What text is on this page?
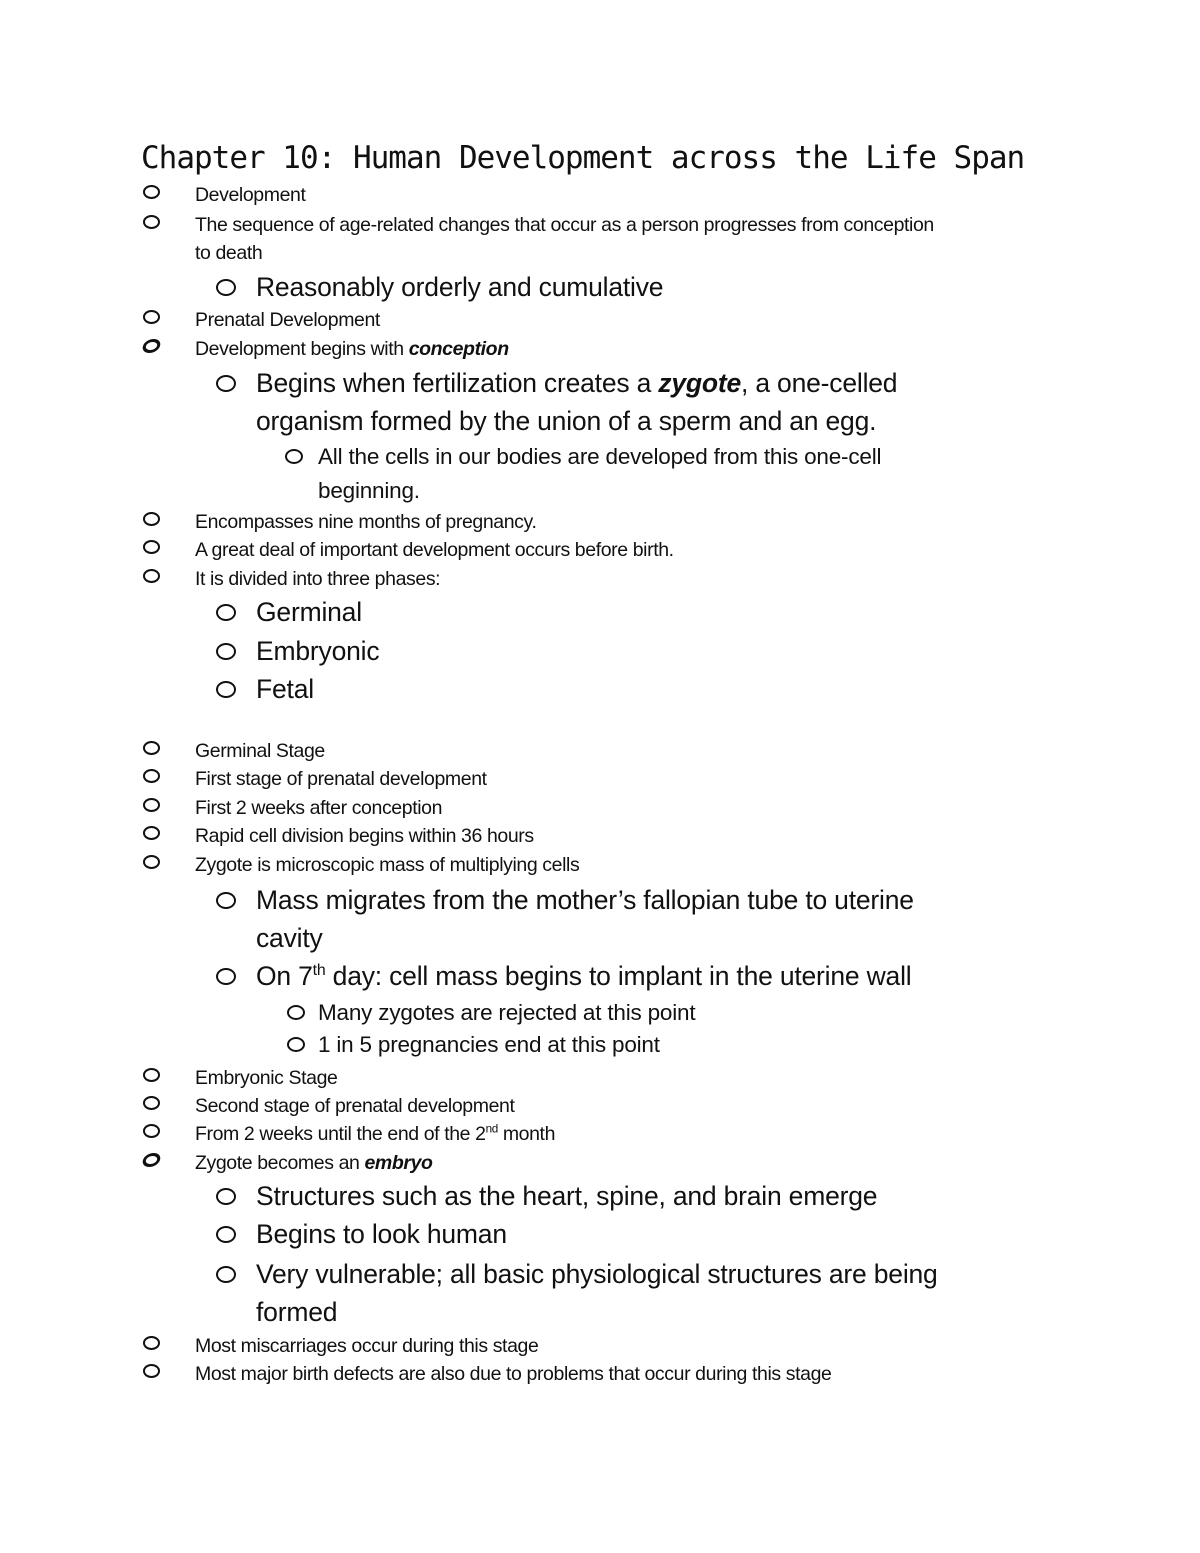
Chapter 10: Human Development across the Life Span
Development
The sequence of age-related changes that occur as a person progresses from conception
to death
Reasonably orderly and cumulative
Prenatal Development
Development begins with conception
Begins when fertilization creates a zygote, a one-celled
organism formed by the union of a sperm and an egg.
All the cells in our bodies are developed from this one-cell
beginning.
Encompasses nine months of pregnancy.
A great deal of important development occurs before birth.
It is divided into three phases:
Germinal
Embryonic
Fetal
Germinal Stage
First stage of prenatal development
First 2 weeks after conception
Rapid cell division begins within 36 hours
Zygote is microscopic mass of multiplying cells
Mass migrates from the mother’s fallopian tube to uterine
cavity
On 7th day: cell mass begins to implant in the uterine wall
Many zygotes are rejected at this point
1 in 5 pregnancies end at this point
Embryonic Stage
Second stage of prenatal development
From 2 weeks until the end of the 2nd month
Zygote becomes an embryo
Structures such as the heart, spine, and brain emerge
Begins to look human
Very vulnerable; all basic physiological structures are being
formed
Most miscarriages occur during this stage
Most major birth defects are also due to problems that occur during this stage
